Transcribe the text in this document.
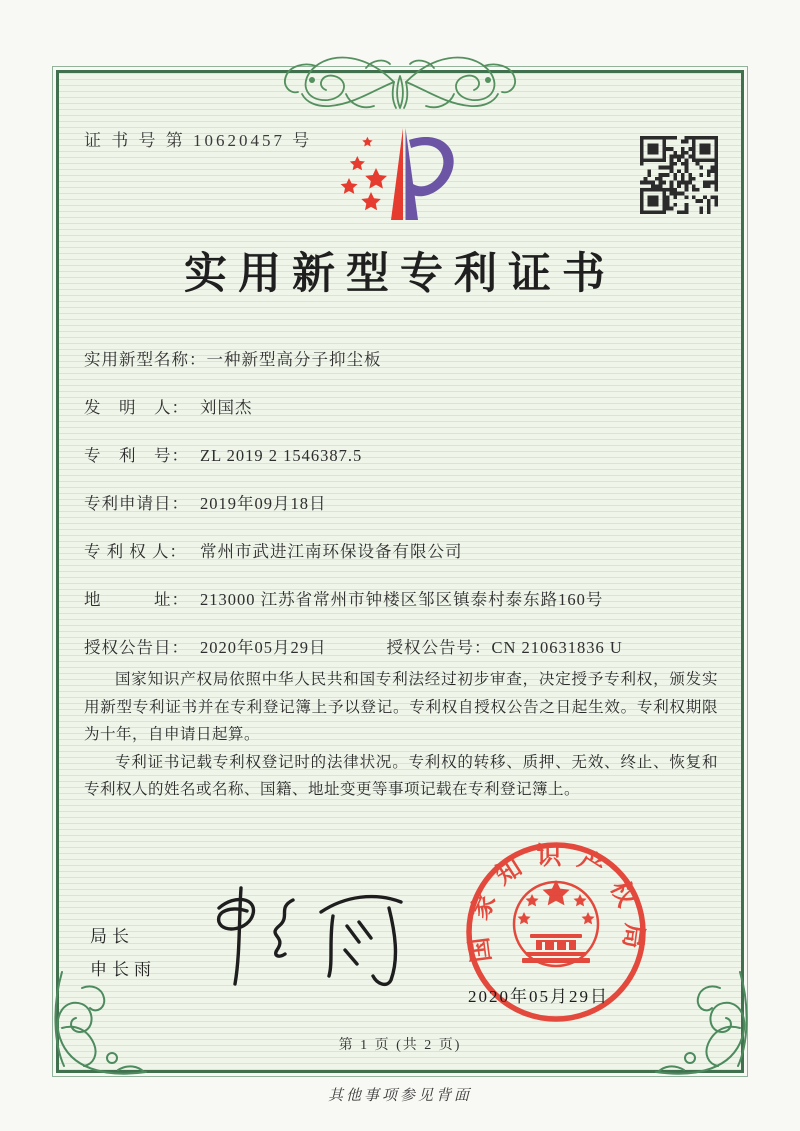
证 书 号 第 10620457 号
实用新型专利证书
实用新型名称：一种新型高分子抑尘板
发　明　人： 刘国杰
专　利　号： ZL 2019 2 1546387.5
专利申请日： 2019年09月18日
专 利 权 人： 常州市武进江南环保设备有限公司
地　　　址： 213000 江苏省常州市钟楼区邹区镇泰村泰东路160号
授权公告日： 2020年05月29日	授权公告号：CN 210631836 U

国家知识产权局依照中华人民共和国专利法经过初步审查，决定授予专利权，颁发实用新型专利证书并在专利登记簿上予以登记。专利权自授权公告之日起生效。专利权期限为十年，自申请日起算。

专利证书记载专利权登记时的法律状况。专利权的转移、质押、无效、终止、恢复和专利权人的姓名或名称、国籍、地址变更等事项记载在专利登记簿上。

局长
申长雨
国家知识产权局
2020年05月29日
第 1 页 (共 2 页)
其他事项参见背面
